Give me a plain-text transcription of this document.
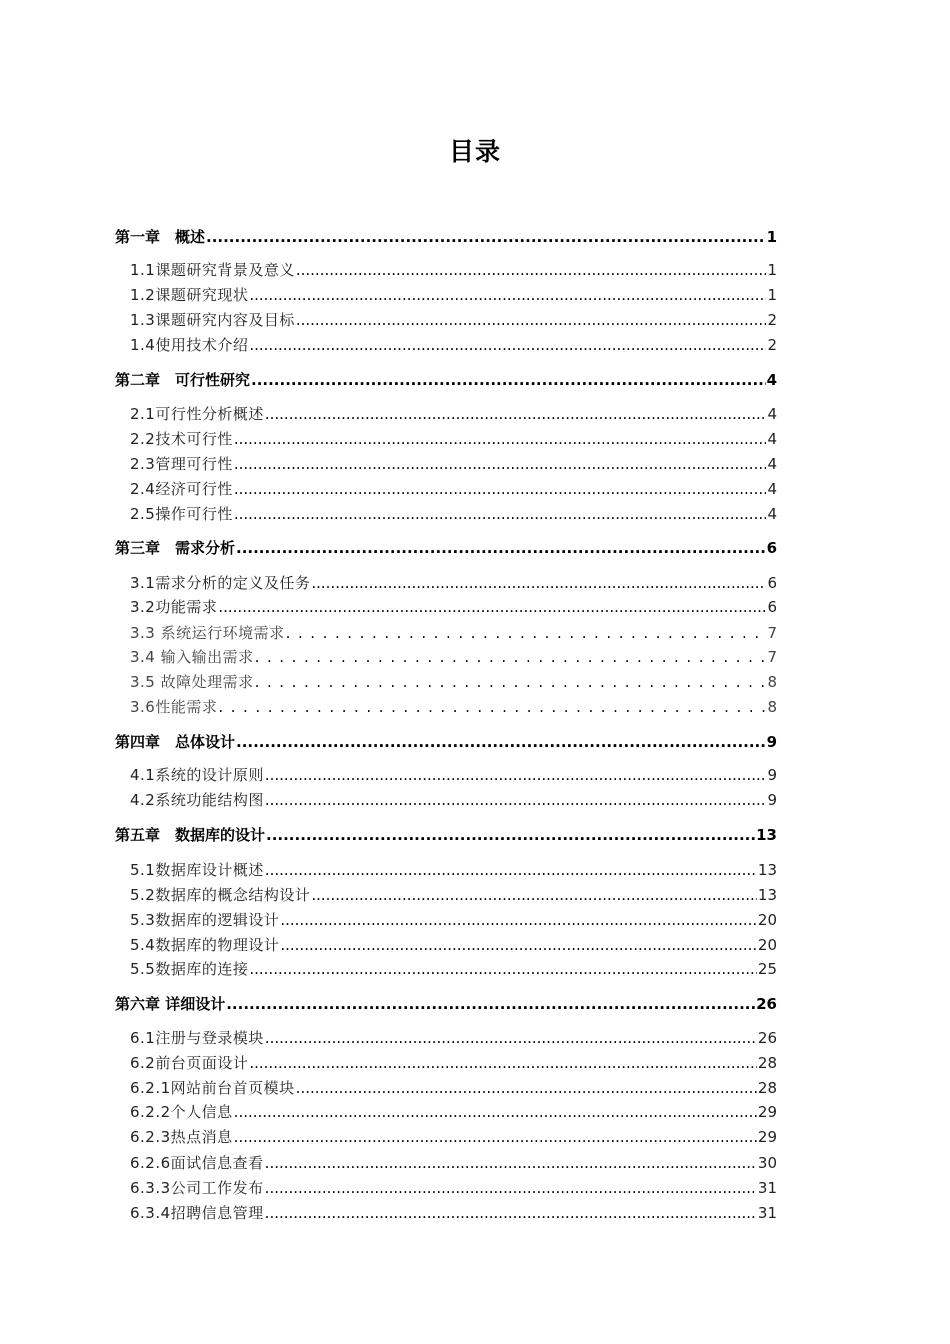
目录
第一章　概述 .....	1
1.1课题研究背景及意义 .....	1
1.2课题研究现状 .....	1
1.3课题研究内容及目标 .....	2
1.4使用技术介绍 .....	2
第二章　可行性研究 .....	4
2.1可行性分析概述 .....	4
2.2技术可行性 .....	4
2.3管理可行性 .....	4
2.4经济可行性 .....	4
2.5操作可行性 .....	4
第三章　需求分析 .....	6
3.1需求分析的定义及任务 .....	6
3.2功能需求 .....	6
3.3 系统运行环境需求 . . .	7
3.4 输入输出需求 . . .	7
3.5 故障处理需求 . . .	8
3.6性能需求 . . .	8
第四章　总体设计 .....	9
4.1系统的设计原则 .....	9
4.2系统功能结构图 .....	9
第五章　数据库的设计 .....	13
5.1数据库设计概述 .....	13
5.2数据库的概念结构设计 .....	13
5.3数据库的逻辑设计 .....	20
5.4数据库的物理设计 .....	20
5.5数据库的连接 .....	25
第六章 详细设计 .....	26
6.1注册与登录模块 .....	26
6.2前台页面设计 .....	28
6.2.1网站前台首页模块 .....	28
6.2.2个人信息 .....	29
6.2.3热点消息 .....	29
6.2.6面试信息查看 .....	30
6.3.3公司工作发布 .....	31
6.3.4招聘信息管理 .....	31
